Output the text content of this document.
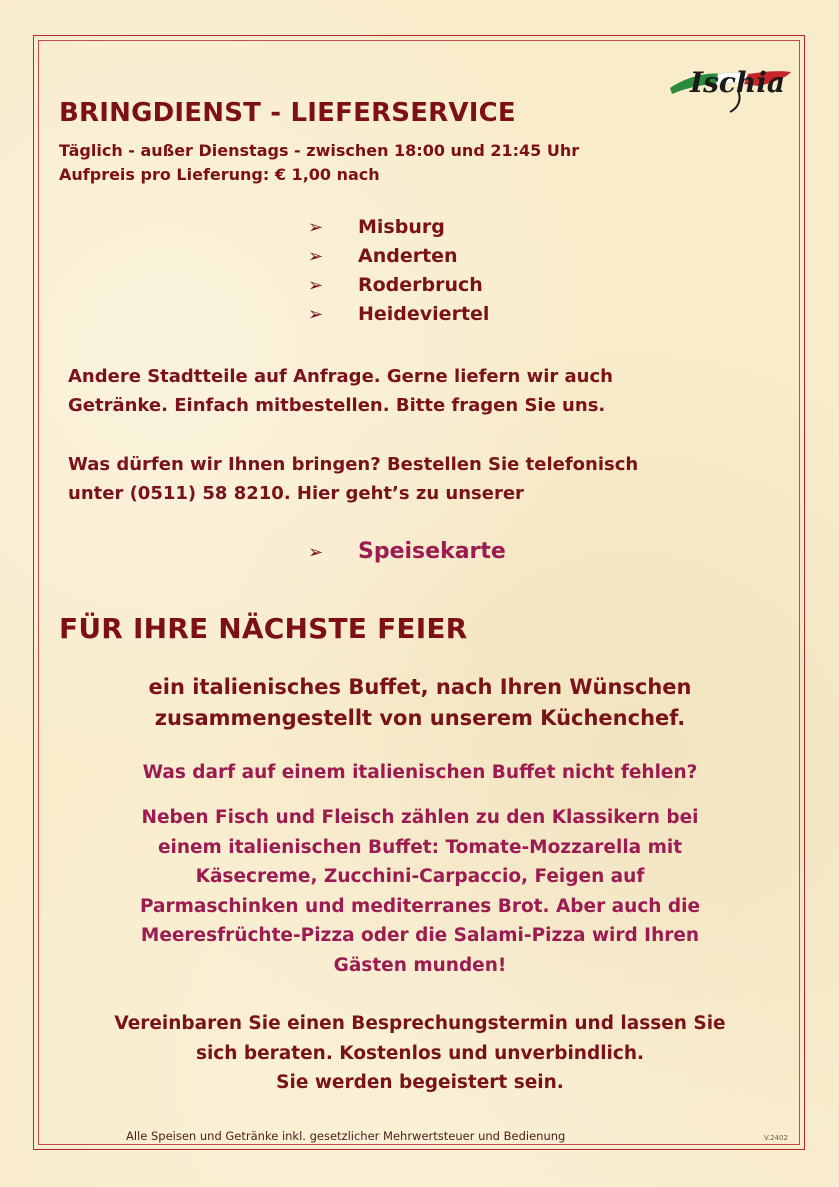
Ischia
BRINGDIENST - LIEFERSERVICE
Täglich - außer Dienstags - zwischen 18:00 und 21:45 Uhr
Aufpreis pro Lieferung: € 1,00 nach
➢ Misburg
➢ Anderten
➢ Roderbruch
➢ Heideviertel
Andere Stadtteile auf Anfrage. Gerne liefern wir auch
Getränke. Einfach mitbestellen. Bitte fragen Sie uns.
Was dürfen wir Ihnen bringen? Bestellen Sie telefonisch
unter (0511) 58 8210. Hier geht’s zu unserer
➢ Speisekarte
FÜR IHRE NÄCHSTE FEIER
ein italienisches Buffet, nach Ihren Wünschen
zusammengestellt von unserem Küchenchef.
Was darf auf einem italienischen Buffet nicht fehlen?
Neben Fisch und Fleisch zählen zu den Klassikern bei
einem italienischen Buffet: Tomate-Mozzarella mit
Käsecreme, Zucchini-Carpaccio, Feigen auf
Parmaschinken und mediterranes Brot. Aber auch die
Meeresfrüchte-Pizza oder die Salami-Pizza wird Ihren
Gästen munden!
Vereinbaren Sie einen Besprechungstermin und lassen Sie
sich beraten. Kostenlos und unverbindlich.
Sie werden begeistert sein.
Alle Speisen und Getränke inkl. gesetzlicher Mehrwertsteuer und Bedienung	V.2402
